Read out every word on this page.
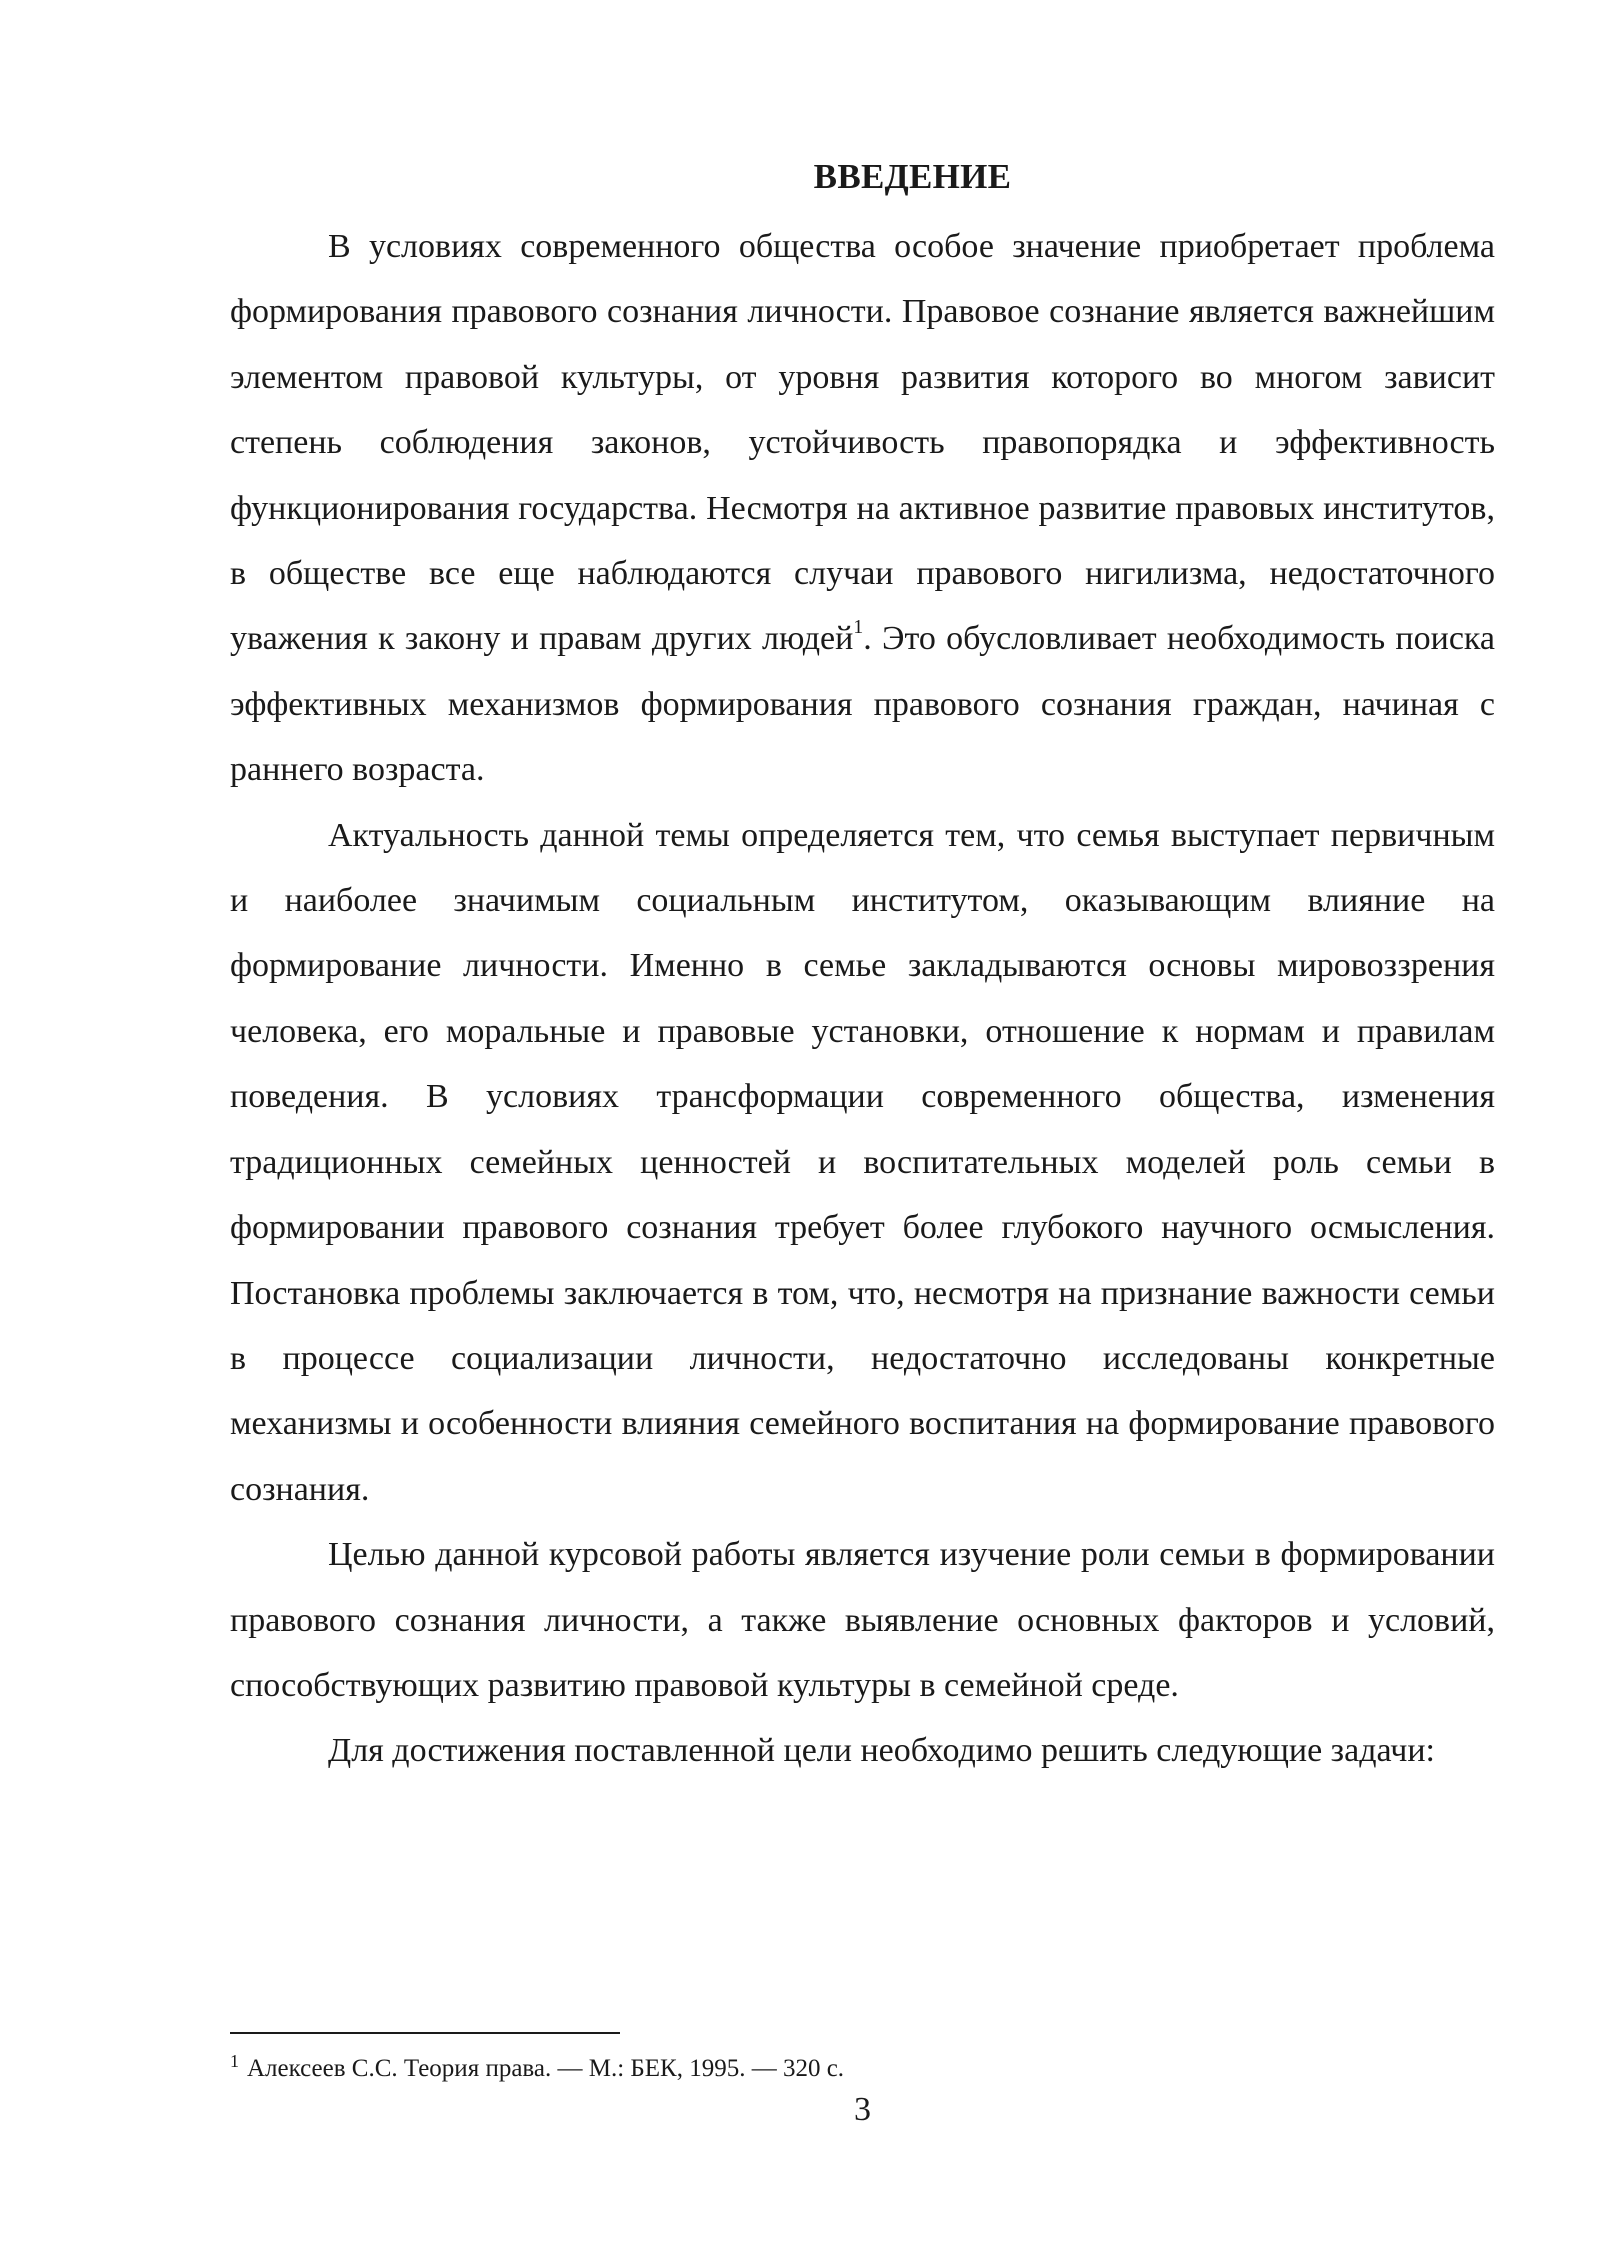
ВВЕДЕНИЕ

В условиях современного общества особое значение приобретает проблема формирования правового сознания личности. Правовое сознание является важнейшим элементом правовой культуры, от уровня развития которого во многом зависит степень соблюдения законов, устойчивость правопорядка и эффективность функционирования государства. Несмотря на активное развитие правовых институтов, в обществе все еще наблюдаются случаи правового нигилизма, недостаточного уважения к закону и правам других людей$^1$. Это обусловливает необходимость поиска эффективных механизмов формирования правового сознания граждан, начиная с раннего возраста.

Актуальность данной темы определяется тем, что семья выступает первичным и наиболее значимым социальным институтом, оказывающим влияние на формирование личности. Именно в семье закладываются основы мировоззрения человека, его моральные и правовые установки, отношение к нормам и правилам поведения. В условиях трансформации современного общества, изменения традиционных семейных ценностей и воспитательных моделей роль семьи в формировании правового сознания требует более глубокого научного осмысления. Постановка проблемы заключается в том, что, несмотря на признание важности семьи в процессе социализации личности, недостаточно исследованы конкретные механизмы и особенности влияния семейного воспитания на формирование правового сознания.

Целью данной курсовой работы является изучение роли семьи в формировании правового сознания личности, а также выявление основных факторов и условий, способствующих развитию правовой культуры в семейной среде.

Для достижения поставленной цели необходимо решить следующие задачи:

$^1$ Алексеев С.С. Теория права. — М.: БЕК, 1995. — 320 с.
3
